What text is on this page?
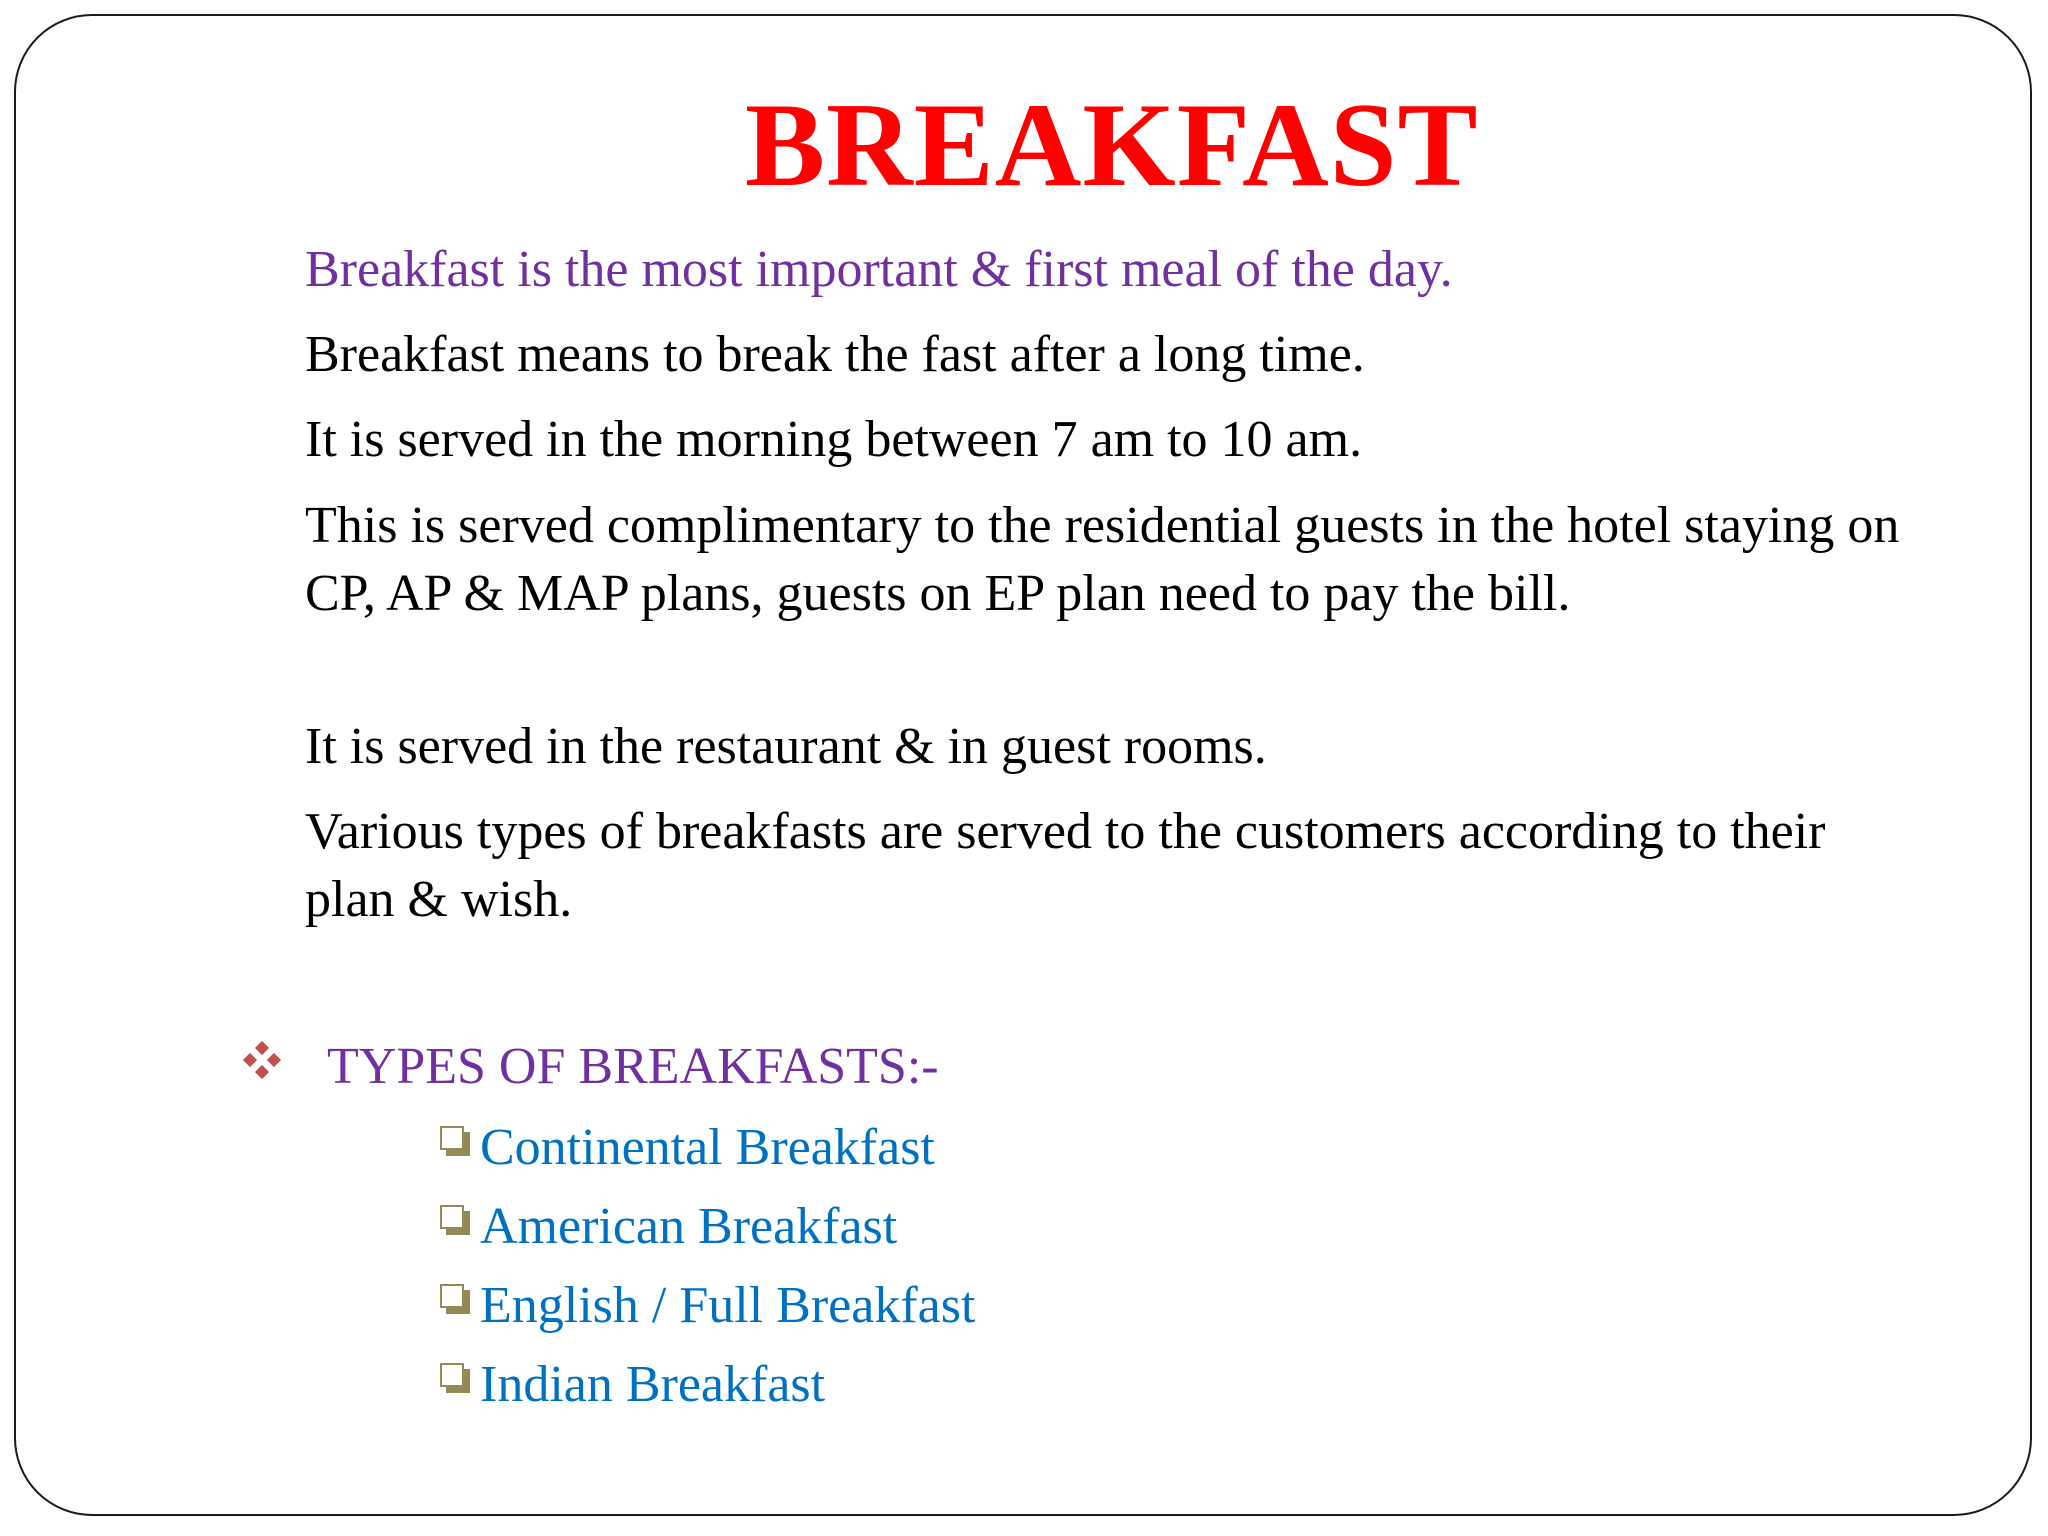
BREAKFAST

Breakfast is the most important & first meal of the day.

Breakfast means to break the fast after a long time.

It is served in the morning between 7 am to 10 am.

This is served complimentary to the residential guests in the hotel staying on CP, AP & MAP plans, guests on EP plan need to pay the bill.

It is served in the restaurant & in guest rooms.

Various types of breakfasts are served to the customers according to their plan & wish.

TYPES OF BREAKFASTS:-
Continental Breakfast
American Breakfast
English / Full Breakfast
Indian Breakfast
